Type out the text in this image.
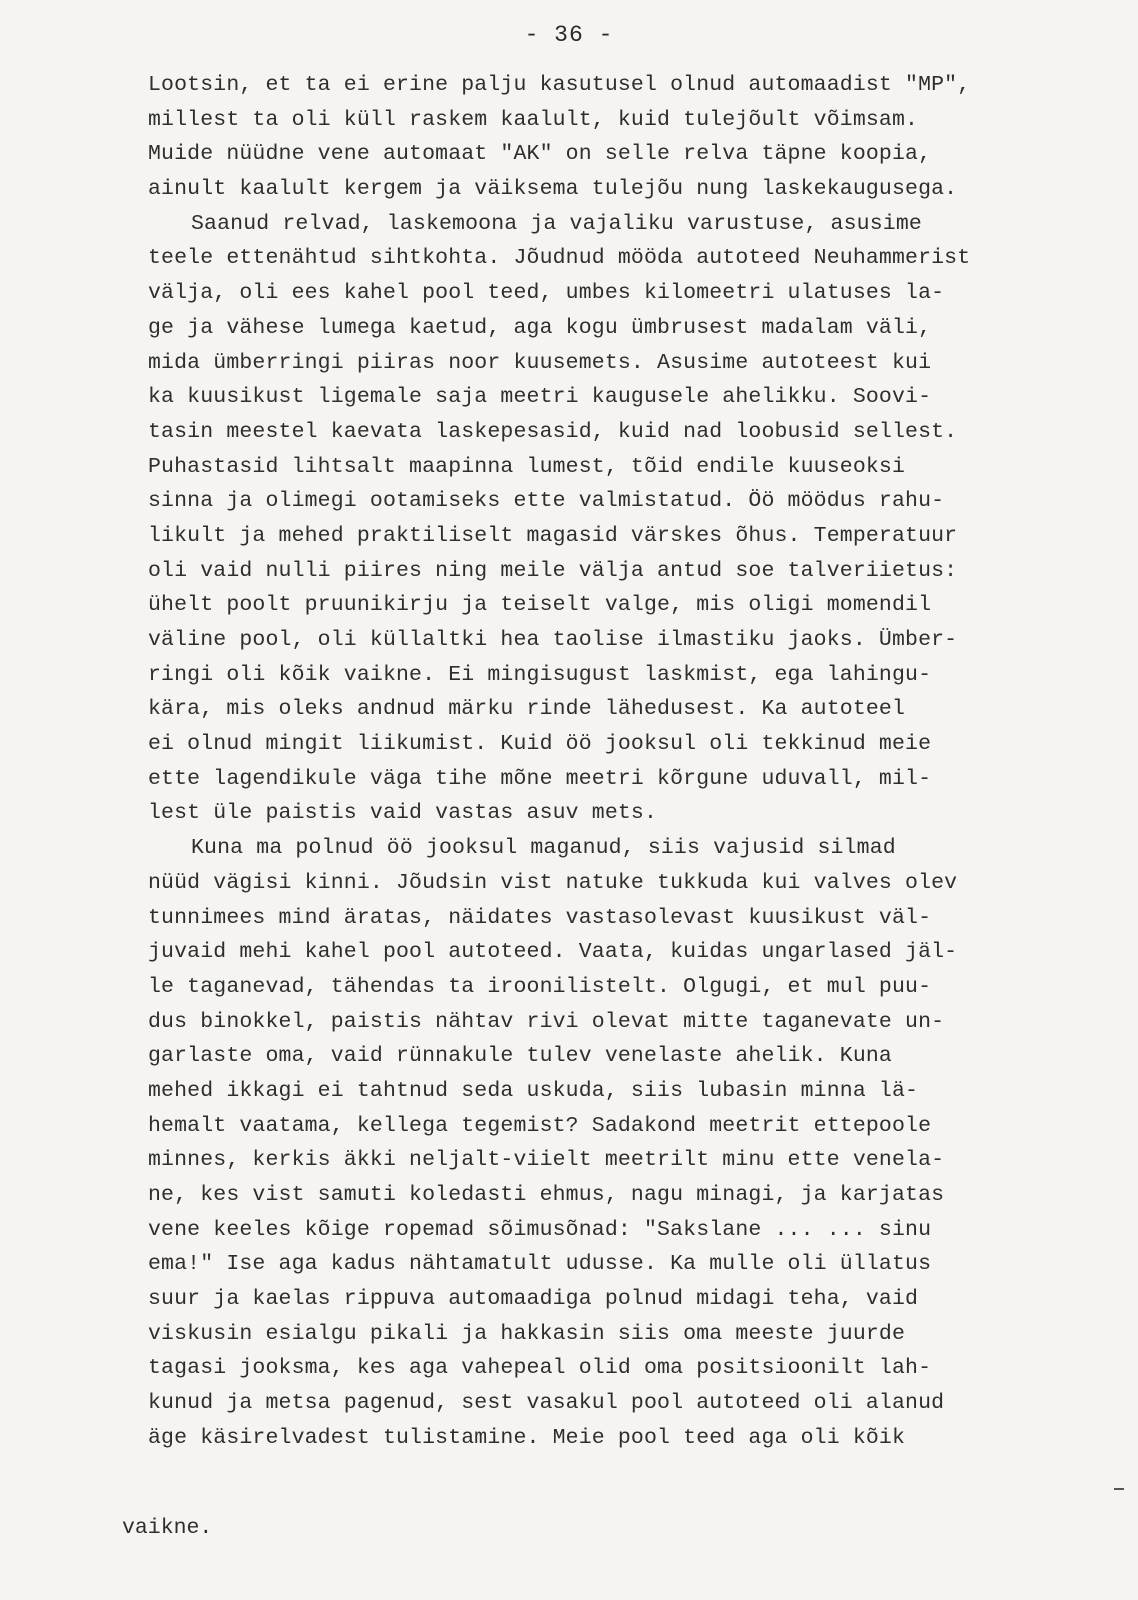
- 36 -
Lootsin, et ta ei erine palju kasutusel olnud automaadist "MP",
millest ta oli küll raskem kaalult, kuid tulejõult võimsam.
Muide nüüdne vene automaat "AK" on selle relva täpne koopia,
ainult kaalult kergem ja väiksema tulejõu nung laskekaugusega.
Saanud relvad, laskemoona ja vajaliku varustuse, asusime
teele ettenähtud sihtkohta. Jõudnud mööda autoteed Neuhammerist
välja, oli ees kahel pool teed, umbes kilomeetri ulatuses la-
ge ja vähese lumega kaetud, aga kogu ümbrusest madalam väli,
mida ümberringi piiras noor kuusemets. Asusime autoteest kui
ka kuusikust ligemale saja meetri kaugusele ahelikku. Soovi-
tasin meestel kaevata laskepesasid, kuid nad loobusid sellest.
Puhastasid lihtsalt maapinna lumest, tõid endile kuuseoksi
sinna ja olimegi ootamiseks ette valmistatud. Öö möödus rahu-
likult ja mehed praktiliselt magasid värskes õhus. Temperatuur
oli vaid nulli piires ning meile välja antud soe talveriietus:
ühelt poolt pruunikirju ja teiselt valge, mis oligi momendil
väline pool, oli küllaltki hea taolise ilmastiku jaoks. Ümber-
ringi oli kõik vaikne. Ei mingisugust laskmist, ega lahingu-
kära, mis oleks andnud märku rinde lähedusest. Ka autoteel
ei olnud mingit liikumist. Kuid öö jooksul oli tekkinud meie
ette lagendikule väga tihe mõne meetri kõrgune uduvall, mil-
lest üle paistis vaid vastas asuv mets.
Kuna ma polnud öö jooksul maganud, siis vajusid silmad
nüüd vägisi kinni. Jõudsin vist natuke tukkuda kui valves olev
tunnimees mind äratas, näidates vastasolevast kuusikust väl-
juvaid mehi kahel pool autoteed. Vaata, kuidas ungarlased jäl-
le taganevad, tähendas ta iroonilistelt. Olgugi, et mul puu-
dus binokkel, paistis nähtav rivi olevat mitte taganevate un-
garlaste oma, vaid rünnakule tulev venelaste ahelik. Kuna
mehed ikkagi ei tahtnud seda uskuda, siis lubasin minna lä-
hemalt vaatama, kellega tegemist? Sadakond meetrit ettepoole
minnes, kerkis äkki neljalt-viielt meetrilt minu ette venela-
ne, kes vist samuti koledasti ehmus, nagu minagi, ja karjatas
vene keeles kõige ropemad sõimusõnad: "Sakslane ... ... sinu
ema!" Ise aga kadus nähtamatult udusse. Ka mulle oli üllatus
suur ja kaelas rippuva automaadiga polnud midagi teha, vaid
viskusin esialgu pikali ja hakkasin siis oma meeste juurde
tagasi jooksma, kes aga vahepeal olid oma positsioonilt lah-
kunud ja metsa pagenud, sest vasakul pool autoteed oli alanud
äge käsirelvadest tulistamine. Meie pool teed aga oli kõik
vaikne.
